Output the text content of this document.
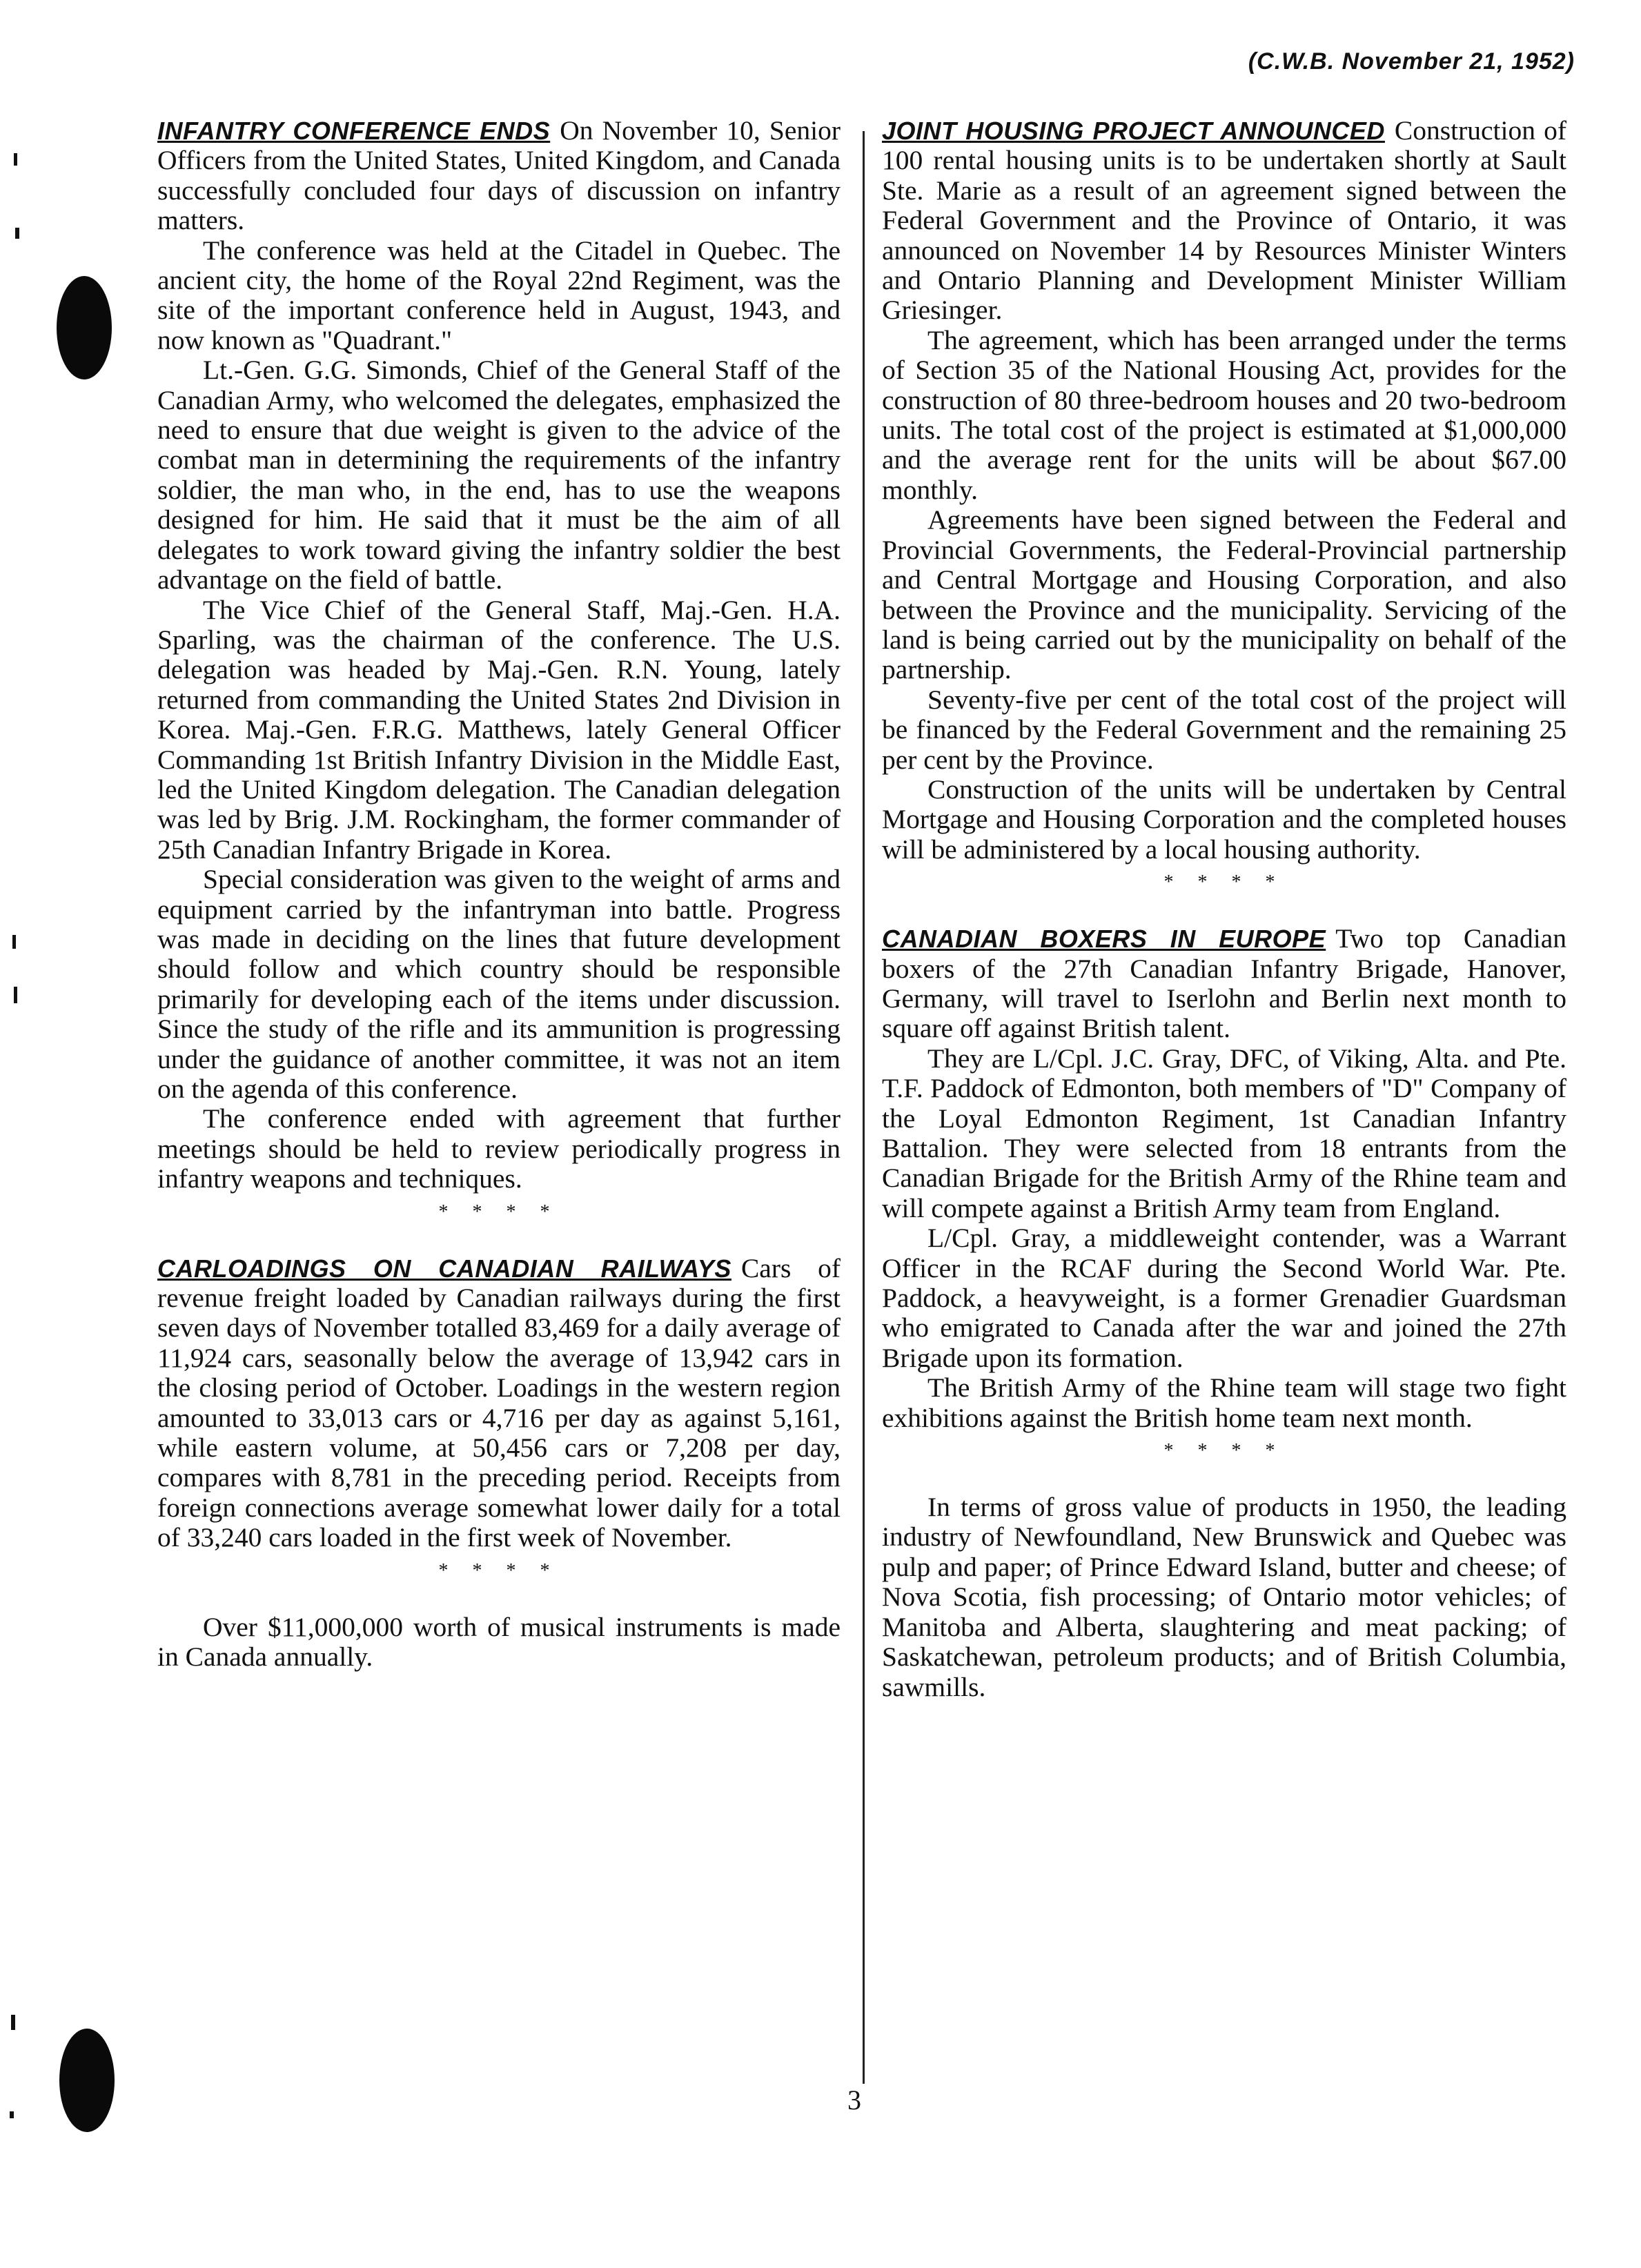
(C.W.B. November 21, 1952)

INFANTRY CONFERENCE ENDS On November 10, Senior Officers from the United States, United Kingdom, and Canada successfully concluded four days of discussion on infantry matters.

The conference was held at the Citadel in Quebec. The ancient city, the home of the Royal 22nd Regiment, was the site of the important conference held in August, 1943, and now known as "Quadrant."

Lt.-Gen. G.G. Simonds, Chief of the General Staff of the Canadian Army, who welcomed the delegates, emphasized the need to ensure that due weight is given to the advice of the combat man in determining the requirements of the infantry soldier, the man who, in the end, has to use the weapons designed for him. He said that it must be the aim of all delegates to work toward giving the infantry soldier the best advantage on the field of battle.

The Vice Chief of the General Staff, Maj.-Gen. H.A. Sparling, was the chairman of the conference. The U.S. delegation was headed by Maj.-Gen. R.N. Young, lately returned from commanding the United States 2nd Division in Korea. Maj.-Gen. F.R.G. Matthews, lately General Officer Commanding 1st British Infantry Division in the Middle East, led the United Kingdom delegation. The Canadian delegation was led by Brig. J.M. Rockingham, the former commander of 25th Canadian Infantry Brigade in Korea.

Special consideration was given to the weight of arms and equipment carried by the infantryman into battle. Progress was made in deciding on the lines that future development should follow and which country should be responsible primarily for developing each of the items under discussion. Since the study of the rifle and its ammunition is progressing under the guidance of another committee, it was not an item on the agenda of this conference.

The conference ended with agreement that further meetings should be held to review periodically progress in infantry weapons and techniques.

* * * *

CARLOADINGS ON CANADIAN RAILWAYS Cars of revenue freight loaded by Canadian railways during the first seven days of November totalled 83,469 for a daily average of 11,924 cars, seasonally below the average of 13,942 cars in the closing period of October. Loadings in the western region amounted to 33,013 cars or 4,716 per day as against 5,161, while eastern volume, at 50,456 cars or 7,208 per day, compares with 8,781 in the preceding period. Receipts from foreign connections average somewhat lower daily for a total of 33,240 cars loaded in the first week of November.

* * * *

Over $11,000,000 worth of musical instruments is made in Canada annually.

JOINT HOUSING PROJECT ANNOUNCED Construction of 100 rental housing units is to be undertaken shortly at Sault Ste. Marie as a result of an agreement signed between the Federal Government and the Province of Ontario, it was announced on November 14 by Resources Minister Winters and Ontario Planning and Development Minister William Griesinger.

The agreement, which has been arranged under the terms of Section 35 of the National Housing Act, provides for the construction of 80 three-bedroom houses and 20 two-bedroom units. The total cost of the project is estimated at $1,000,000 and the average rent for the units will be about $67.00 monthly.

Agreements have been signed between the Federal and Provincial Governments, the Federal-Provincial partnership and Central Mortgage and Housing Corporation, and also between the Province and the municipality. Servicing of the land is being carried out by the municipality on behalf of the partnership.

Seventy-five per cent of the total cost of the project will be financed by the Federal Government and the remaining 25 per cent by the Province.

Construction of the units will be undertaken by Central Mortgage and Housing Corporation and the completed houses will be administered by a local housing authority.

* * * *

CANADIAN BOXERS IN EUROPE Two top Canadian boxers of the 27th Canadian Infantry Brigade, Hanover, Germany, will travel to Iserlohn and Berlin next month to square off against British talent.

They are L/Cpl. J.C. Gray, DFC, of Viking, Alta. and Pte. T.F. Paddock of Edmonton, both members of "D" Company of the Loyal Edmonton Regiment, 1st Canadian Infantry Battalion. They were selected from 18 entrants from the Canadian Brigade for the British Army of the Rhine team and will compete against a British Army team from England.

L/Cpl. Gray, a middleweight contender, was a Warrant Officer in the RCAF during the Second World War. Pte. Paddock, a heavyweight, is a former Grenadier Guardsman who emigrated to Canada after the war and joined the 27th Brigade upon its formation.

The British Army of the Rhine team will stage two fight exhibitions against the British home team next month.

* * * *

In terms of gross value of products in 1950, the leading industry of Newfoundland, New Brunswick and Quebec was pulp and paper; of Prince Edward Island, butter and cheese; of Nova Scotia, fish processing; of Ontario motor vehicles; of Manitoba and Alberta, slaughtering and meat packing; of Saskatchewan, petroleum products; and of British Columbia, sawmills.

3
